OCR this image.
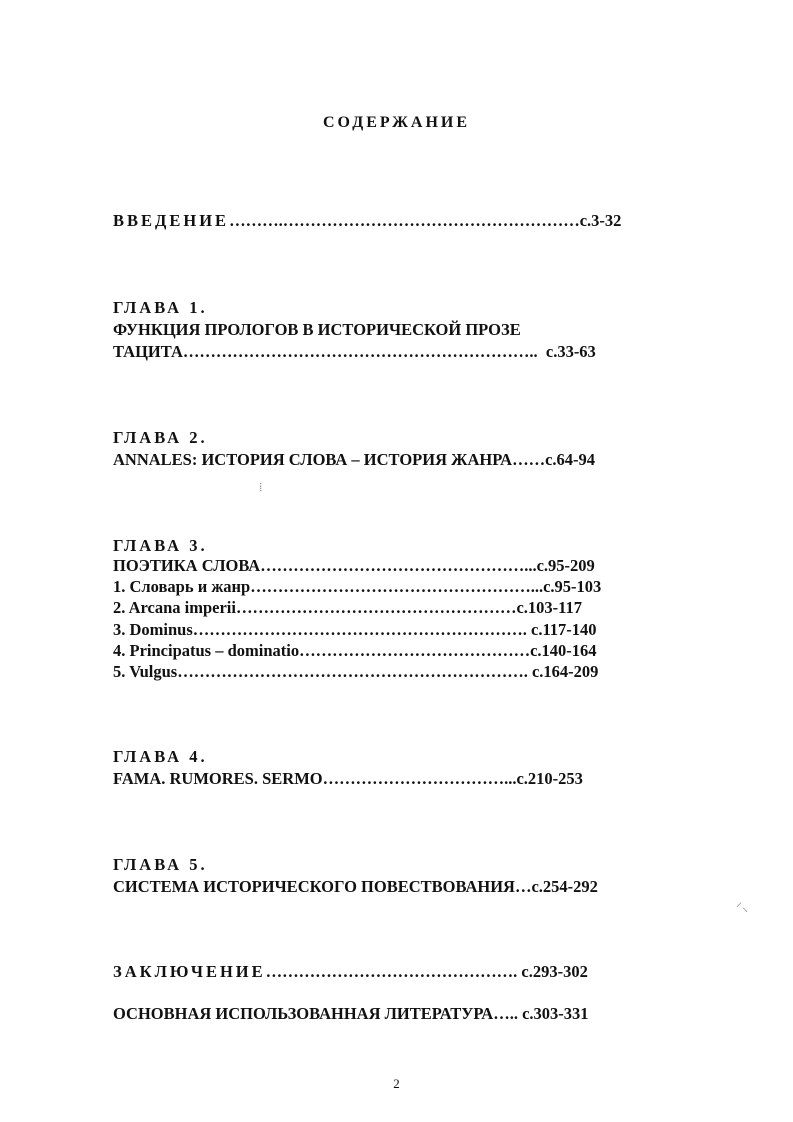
СОДЕРЖАНИЕ
ВВЕДЕНИЕ……….………………………………………………с.3-32
ГЛАВА 1.
ФУНКЦИЯ ПРОЛОГОВ В ИСТОРИЧЕСКОЙ ПРОЗЕ
ТАЦИТА………………………………………………………..  с.33-63
ГЛАВА 2.
ANNALES: ИСТОРИЯ СЛОВА – ИСТОРИЯ ЖАНРА……с.64-94
ГЛАВА 3.
ПОЭТИКА СЛОВА…………………………………………...с.95-209
1. Словарь и жанр……………………………………………...с.95-103
2. Arcana imperii……………………………………………с.103-117
3. Dominus……………………………………………………. с.117-140
4. Principatus – dominatio……………………………………с.140-164
5. Vulgus………………………………………………………. с.164-209
ГЛАВА 4.
FAMA. RUMORES. SERMO……………………………...с.210-253
ГЛАВА 5.
СИСТЕМА ИСТОРИЧЕСКОГО ПОВЕСТВОВАНИЯ…с.254-292
ЗАКЛЮЧЕНИЕ………………………………………. с.293-302
ОСНОВНАЯ ИСПОЛЬЗОВАННАЯ ЛИТЕРАТУРА….. с.303-331
2
⁞
⸍⸜
